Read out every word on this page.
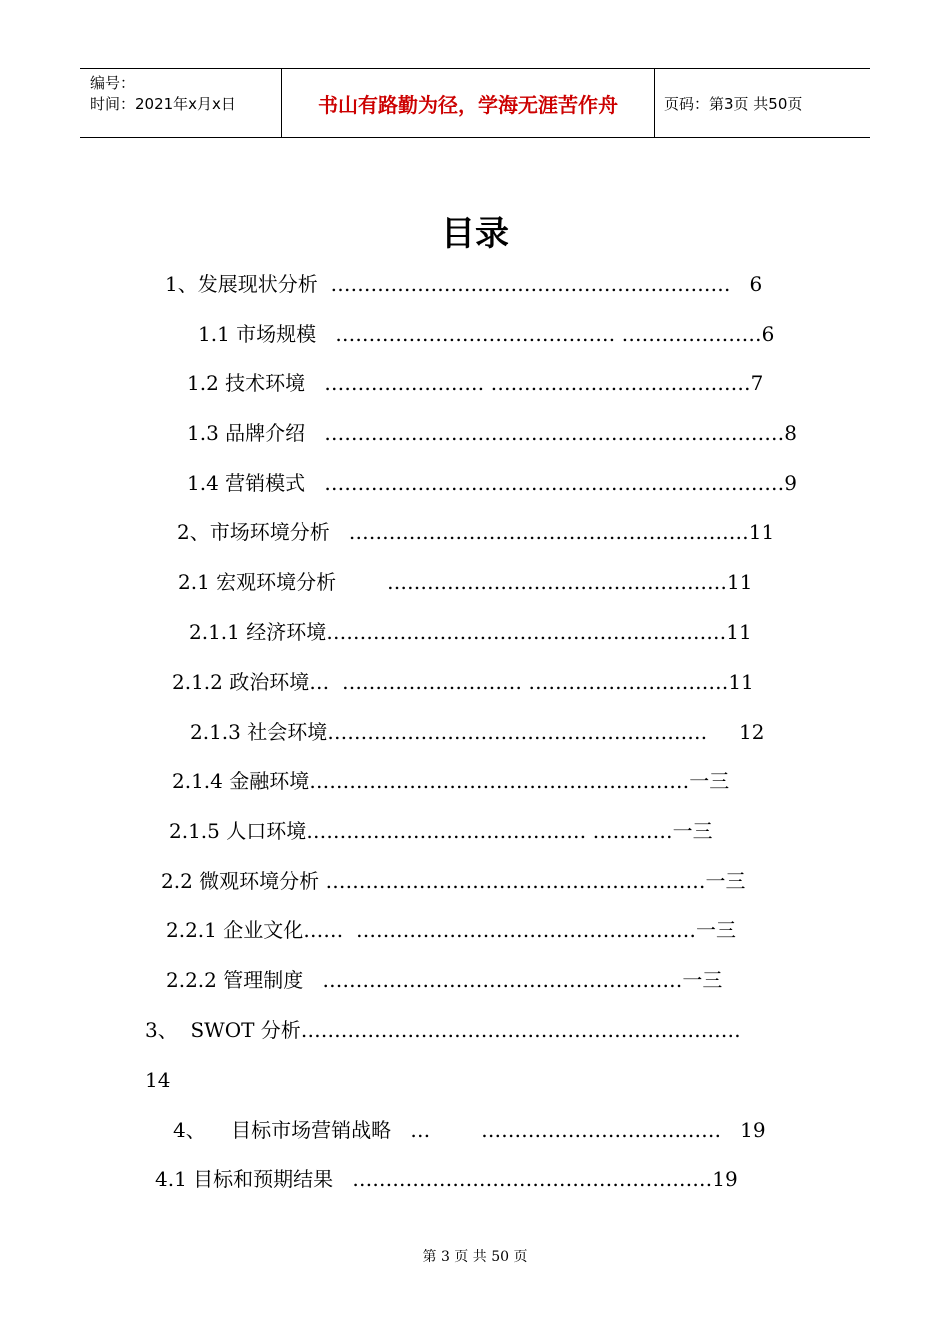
编号：
时间：2021年x月x日	书山有路勤为径，学海无涯苦作舟	页码：第3页 共50页
目录
1、发展现状分析  ……………………………………………………   6
1.1 市场规模   …………………………………… …………………6
1.2 技术环境   …………………… …………………………………7
1.3 品牌介绍   ……………………………………………………………8
1.4 营销模式   ……………………………………………………………9
2、市场环境分析   ……………………………………………………11
2.1 宏观环境分析        ……………………………………………11
2.1.1 经济环境……………………………………………………11
2.1.2 政治环境…  ……………………… …………………………11
2.1.3 社会环境…………………………………………………     12
2.1.4 金融环境…………………………………………………一三
2.1.5 人口环境…………………………………… …………一三
2.2 微观环境分析 …………………………………………………一三
2.2.1 企业文化……  ……………………………………………一三
2.2.2 管理制度   ………………………………………………一三
3、  SWOT 分析…………………………………………………………
14
4、    目标市场营销战略   …        ………………………………   19
4.1 目标和预期结果   ………………………………………………19
第 3 页 共 50 页
